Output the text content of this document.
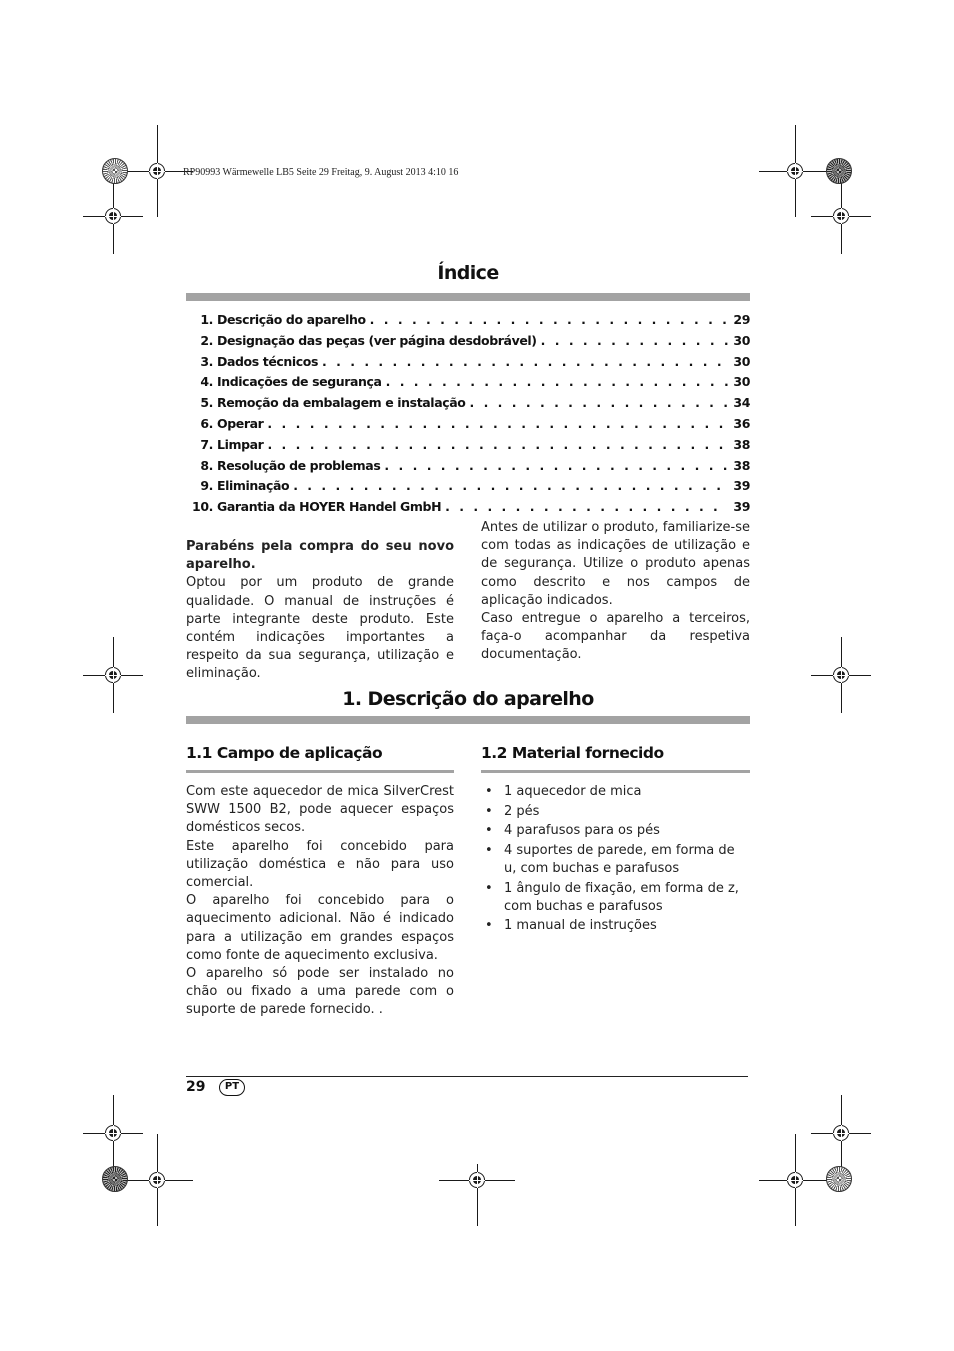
RP90993 Wärmewelle LB5 Seite 29 Freitag, 9. August 2013 4:10 16
Índice
1. Descrição do aparelho . . .	29
2. Designação das peças (ver página desdobrável) . . .	30
3. Dados técnicos . . .	30
4. Indicações de segurança . . .	30
5. Remoção da embalagem e instalação . . .	34
6. Operar . . .	36
7. Limpar . . .	38
8. Resolução de problemas . . .	38
9. Eliminação . . .	39
10. Garantia da HOYER Handel GmbH . . .	39

Parabéns pela compra do seu novo aparelho.

Optou por um produto de grande qualidade. O manual de instruções é parte integrante deste produto. Este contém indicações importantes a respeito da sua segurança, utilização e eliminação.

Antes de utilizar o produto, familiarize-se com todas as indicações de utilização e de segurança. Utilize o produto apenas como descrito e nos campos de aplicação indicados.

Caso entregue o aparelho a terceiros, faça-o acompanhar da respetiva documentação.

1. Descrição do aparelho
1.1 Campo de aplicação	1.2 Material fornecido

Com este aquecedor de mica SilverCrest SWW 1500 B2, pode aquecer espaços domésticos secos.

Este aparelho foi concebido para utilização doméstica e não para uso comercial.

O aparelho foi concebido para o aquecimento adicional. Não é indicado para a utilização em grandes espaços como fonte de aquecimento exclusiva.

O aparelho só pode ser instalado no chão ou fixado a uma parede com o suporte de parede fornecido. .

• 1 aquecedor de mica
• 2 pés
• 4 parafusos para os pés
• 4 suportes de parede, em forma de u, com buchas e parafusos
• 1 ângulo de fixação, em forma de z, com buchas e parafusos
• 1 manual de instruções
29	PT
